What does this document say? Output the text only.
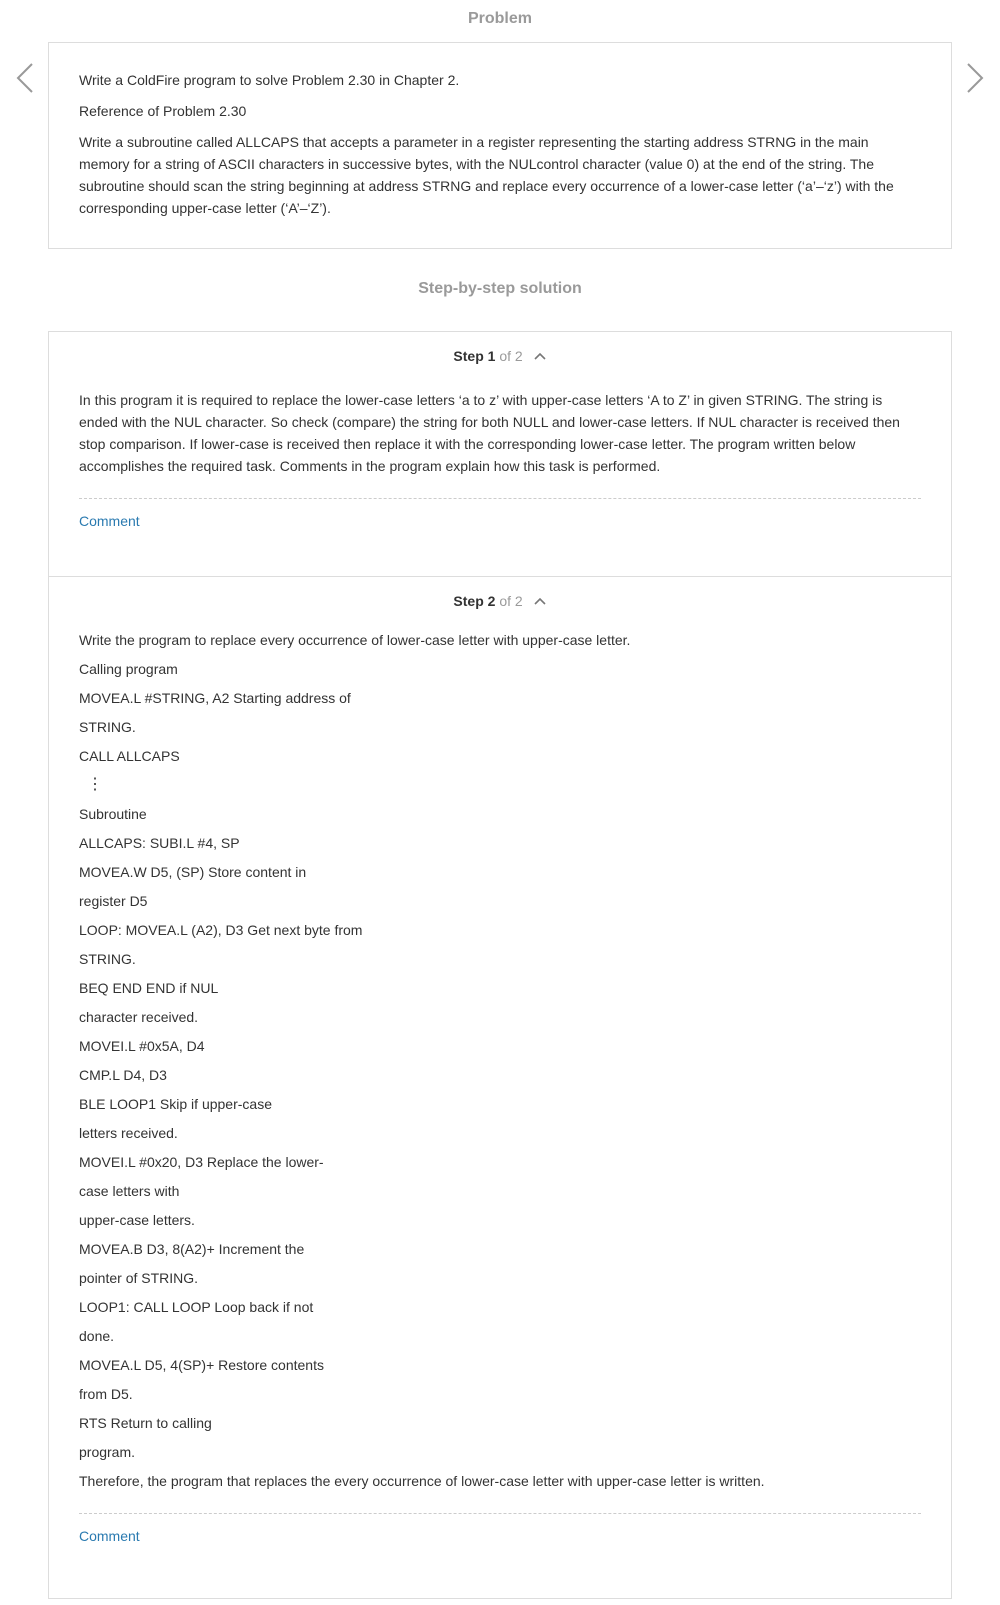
Problem

Write a ColdFire program to solve Problem 2.30 in Chapter 2.

Reference of Problem 2.30

Write a subroutine called ALLCAPS that accepts a parameter in a register representing the starting address STRNG in the main memory for a string of ASCII characters in successive bytes, with the NULcontrol character (value 0) at the end of the string. The subroutine should scan the string beginning at address STRNG and replace every occurrence of a lower-case letter (‘a’–‘z’) with the corresponding upper-case letter (‘A’–‘Z’).

Step-by-step solution
Step 1 of 2

In this program it is required to replace the lower-case letters ‘a to z’ with upper-case letters ‘A to Z’ in given STRING. The string is ended with the NUL character. So check (compare) the string for both NULL and lower-case letters. If NUL character is received then stop comparison. If lower-case is received then replace it with the corresponding lower-case letter. The program written below accomplishes the required task. Comments in the program explain how this task is performed.

Comment
Step 2 of 2
Write the program to replace every occurrence of lower-case letter with upper-case letter.
Calling program
MOVEA.L #STRING, A2 Starting address of
STRING.
CALL ALLCAPS
⋮
Subroutine
ALLCAPS: SUBI.L #4, SP
MOVEA.W D5, (SP) Store content in
register D5
LOOP: MOVEA.L (A2), D3 Get next byte from
STRING.
BEQ END END if NUL
character received.
MOVEI.L #0x5A, D4
CMP.L D4, D3
BLE LOOP1 Skip if upper-case
letters received.
MOVEI.L #0x20, D3 Replace the lower-
case letters with
upper-case letters.
MOVEA.B D3, 8(A2)+ Increment the
pointer of STRING.
LOOP1: CALL LOOP Loop back if not
done.
MOVEA.L D5, 4(SP)+ Restore contents
from D5.
RTS Return to calling
program.
Therefore, the program that replaces the every occurrence of lower-case letter with upper-case letter is written.
Comment
